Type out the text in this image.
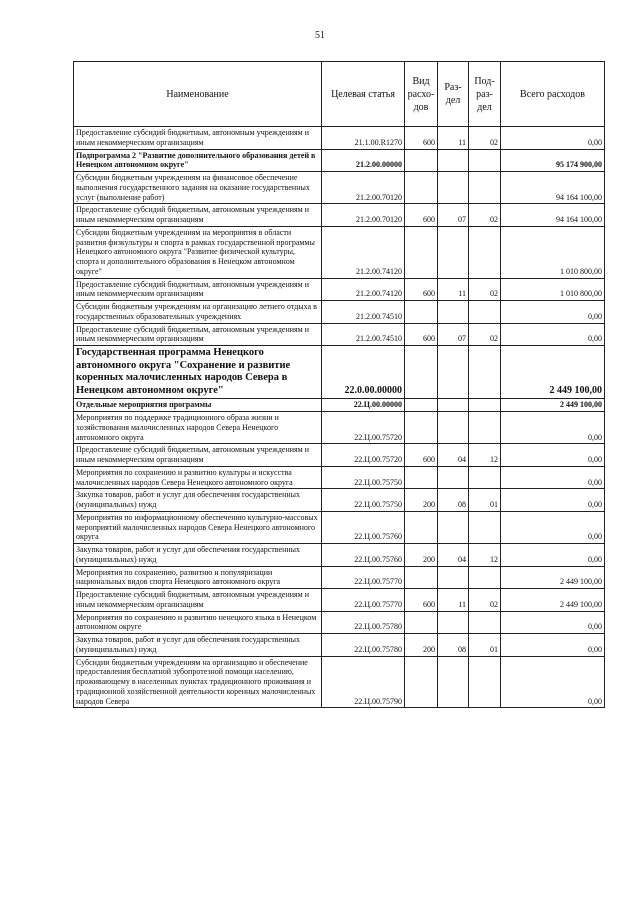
51
Наименование	Целевая статья	Вид расхо-дов	Раз-дел	Под-раз-дел	Всего расходов
Предоставление субсидий бюджетным, автономным учреждениям и иным некоммерческим организациям	21.1.00.R1270	600	11	02	0,00
Подпрограмма 2 "Развитие дополнительного образования детей в Ненецком автономном округе"	21.2.00.00000				95 174 900,00
Субсидии бюджетным учреждениям на финансовое обеспечение выполнения государственного задания на оказание государственных услуг (выполнение работ)	21.2.00.70120				94 164 100,00
Предоставление субсидий бюджетным, автономным учреждениям и иным некоммерческим организациям	21.2.00.70120	600	07	02	94 164 100,00
Субсидии бюджетным учреждениям на мероприятия в области развития физкультуры и спорта в рамках государственной программы Ненецкого автономного округа "Развитие физической культуры, спорта и дополнительного образования в Ненецком автономном округе"	21.2.00.74120				1 010 800,00
Предоставление субсидий бюджетным, автономным учреждениям и иным некоммерческим организациям	21.2.00.74120	600	11	02	1 010 800,00
Субсидии бюджетным учреждениям на организацию летнего отдыха в государственных образовательных учреждениях	21.2.00.74510				0,00
Предоставление субсидий бюджетным, автономным учреждениям и иным некоммерческим организациям	21.2.00.74510	600	07	02	0,00
Государственная программа Ненецкого автономного округа "Сохранение и развитие коренных малочисленных народов Севера в Ненецком автономном округе"	22.0.00.00000				2 449 100,00
Отдельные мероприятия программы	22.Ц.00.00000				2 449 100,00
Мероприятия по поддержке традиционного образа жизни и хозяйствования малочисленных народов Севера Ненецкого автономного округа	22.Ц.00.75720				0,00
Предоставление субсидий бюджетным, автономным учреждениям и иным некоммерческим организациям	22.Ц.00.75720	600	04	12	0,00
Мероприятия по сохранению и развитию культуры и искусства малочисленных народов Севера Ненецкого автономного округа	22.Ц.00.75750				0,00
Закупка товаров, работ и услуг для обеспечения государственных (муниципальных) нужд	22.Ц.00.75750	200	08	01	0,00
Мероприятия по информационному обеспечению культурно-массовых мероприятий малочисленных народов Севера Ненецкого автономного округа	22.Ц.00.75760				0,00
Закупка товаров, работ и услуг для обеспечения государственных (муниципальных) нужд	22.Ц.00.75760	200	04	12	0,00
Мероприятия по сохранению, развитию и популяризации национальных видов спорта Ненецкого автономного округа	22.Ц.00.75770				2 449 100,00
Предоставление субсидий бюджетным, автономным учреждениям и иным некоммерческим организациям	22.Ц.00.75770	600	11	02	2 449 100,00
Мероприятия по сохранению и развитию ненецкого языка в Ненецком автономном округе	22.Ц.00.75780				0,00
Закупка товаров, работ и услуг для обеспечения государственных (муниципальных) нужд	22.Ц.00.75780	200	08	01	0,00
Субсидии бюджетным учреждениям на организацию и обеспечение предоставления бесплатной зубопротезной помощи населению, проживающему в населенных пунктах традиционного проживания и традиционной хозяйственной деятельности коренных малочисленных народов Севера	22.Ц.00.75790				0,00
